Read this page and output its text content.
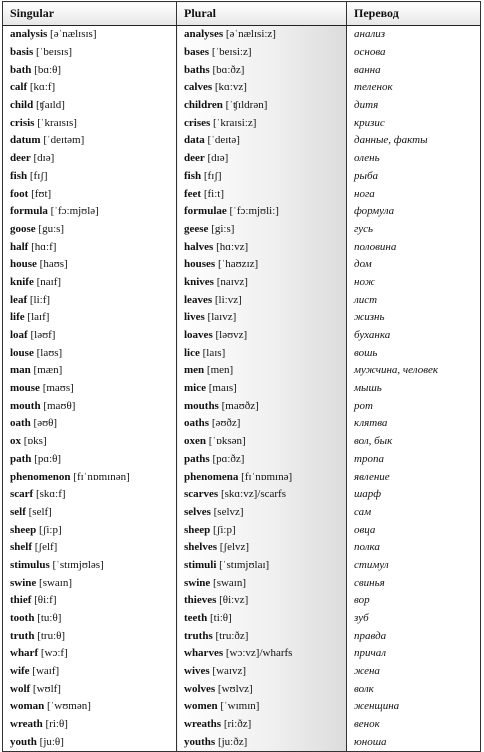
Singular	Plural	Перевод
analysis [əˈnælɪsɪs]	analyses [əˈnælɪsiːz]	анализ
basis [ˈbeɪsɪs]	bases [ˈbeɪsiːz]	основа
bath [bɑːθ]	baths [bɑːðz]	ванна
calf [kɑːf]	calves [kɑːvz]	теленок
child [ʧaɪld]	children [ˈʧɪldrən]	дитя
crisis [ˈkraɪsɪs]	crises [ˈkraɪsiːz]	кризис
datum [ˈdeɪtəm]	data [ˈdeɪtə]	данные, факты
deer [dɪə]	deer [dɪə]	олень
fish [fɪʃ]	fish [fɪʃ]	рыба
foot [fʊt]	feet [fiːt]	нога
formula [ˈfɔːmjʊlə]	formulae [ˈfɔːmjʊliː]	формула
goose [guːs]	geese [giːs]	гусь
half [hɑːf]	halves [hɑːvz]	половина
house [haʊs]	houses [ˈhaʊzɪz]	дом
knife [naɪf]	knives [naɪvz]	нож
leaf [liːf]	leaves [liːvz]	лист
life [laɪf]	lives [laɪvz]	жизнь
loaf [ləʊf]	loaves [ləʊvz]	буханка
louse [laʊs]	lice [laɪs]	вошь
man [mæn]	men [men]	мужчина, человек
mouse [maʊs]	mice [maɪs]	мышь
mouth [maʊθ]	mouths [maʊðz]	рот
oath [əʊθ]	oaths [əʊðz]	клятва
ox [ɒks]	oxen [ˈɒksən]	вол, бык
path [pɑːθ]	paths [pɑːðz]	тропа
phenomenon [fɪˈnɒmɪnən]	phenomena [fɪˈnɒmɪnə]	явление
scarf [skɑːf]	scarves [skɑːvz]/scarfs	шарф
self [self]	selves [selvz]	сам
sheep [ʃiːp]	sheep [ʃiːp]	овца
shelf [ʃelf]	shelves [ʃelvz]	полка
stimulus [ˈstɪmjʊləs]	stimuli [ˈstɪmjʊlaɪ]	стимул
swine [swaɪn]	swine [swaɪn]	свинья
thief [θiːf]	thieves [θiːvz]	вор
tooth [tuːθ]	teeth [tiːθ]	зуб
truth [truːθ]	truths [truːðz]	правда
wharf [wɔːf]	wharves [wɔːvz]/wharfs	причал
wife [waɪf]	wives [waɪvz]	жена
wolf [wʊlf]	wolves [wʊlvz]	волк
woman [ˈwʊmən]	women [ˈwɪmɪn]	женщина
wreath [riːθ]	wreaths [riːðz]	венок
youth [juːθ]	youths [juːðz]	юноша
